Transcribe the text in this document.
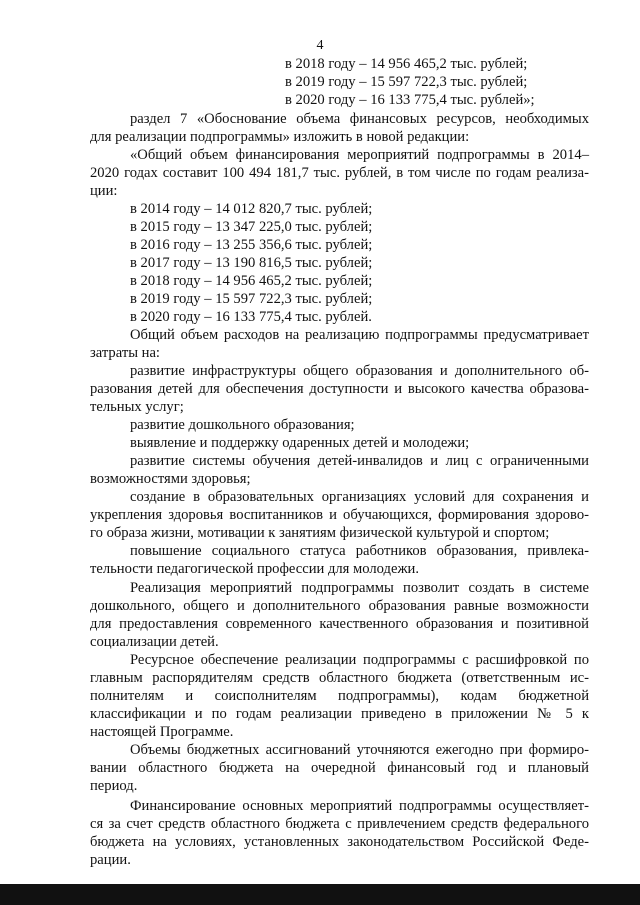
4
в 2018 году – 14 956 465,2 тыс. рублей;
в 2019 году – 15 597 722,3 тыс. рублей;
в 2020 году – 16 133 775,4 тыс. рублей»;
раздел 7 «Обоснование объема финансовых ресурсов, необходимых
для реализации подпрограммы» изложить в новой редакции:
«Общий объем финансирования мероприятий подпрограммы в 2014–
2020 годах составит 100 494 181,7 тыс. рублей, в том числе по годам реализа-
ции:
в 2014 году – 14 012 820,7 тыс. рублей;
в 2015 году – 13 347 225,0 тыс. рублей;
в 2016 году – 13 255 356,6 тыс. рублей;
в 2017 году – 13 190 816,5 тыс. рублей;
в 2018 году – 14 956 465,2 тыс. рублей;
в 2019 году – 15 597 722,3 тыс. рублей;
в 2020 году – 16 133 775,4 тыс. рублей.
Общий объем расходов на реализацию подпрограммы предусматривает
затраты на:
развитие инфраструктуры общего образования и дополнительного об-
разования детей для обеспечения доступности и высокого качества образова-
тельных услуг;
развитие дошкольного образования;
выявление и поддержку одаренных детей и молодежи;
развитие системы обучения детей-инвалидов и лиц с ограниченными
возможностями здоровья;
создание в образовательных организациях условий для сохранения и
укрепления здоровья воспитанников и обучающихся, формирования здорово-
го образа жизни, мотивации к занятиям физической культурой и спортом;
повышение социального статуса работников образования, привлека-
тельности педагогической профессии для молодежи.
Реализация мероприятий подпрограммы позволит создать в системе
дошкольного, общего и дополнительного образования равные возможности
для предоставления современного качественного образования и позитивной
социализации детей.
Ресурсное обеспечение реализации подпрограммы с расшифровкой по
главным распорядителям средств областного бюджета (ответственным ис-
полнителям и соисполнителям подпрограммы), кодам бюджетной
классификации и по годам реализации приведено в приложении № 5 к
настоящей Программе.
Объемы бюджетных ассигнований уточняются ежегодно при формиро-
вании областного бюджета на очередной финансовый год и плановый
период.
Финансирование основных мероприятий подпрограммы осуществляет-
ся за счет средств областного бюджета с привлечением средств федерального
бюджета на условиях, установленных законодательством Российской Феде-
рации.
